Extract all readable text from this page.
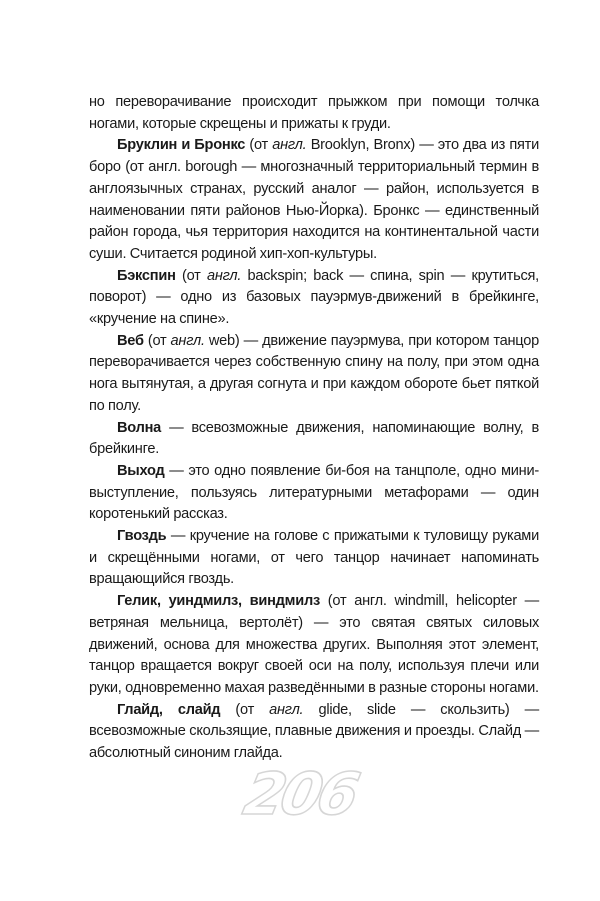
но переворачивание происходит прыжком при помощи толчка ногами, которые скрещены и прижаты к груди.

Бруклин и Бронкс (от англ. Brooklyn, Bronx) — это два из пяти боро (от англ. borough — многозначный территориальный термин в англоязычных странах, русский аналог — район, используется в наименовании пяти районов Нью-Йорка). Бронкс — единственный район города, чья территория находится на континентальной части суши. Считается родиной хип-хоп-культуры.

Бэкспин (от англ. backspin; back — спина, spin — крутиться, поворот) — одно из базовых пауэрмув-движений в брейкинге, «кручение на спине».

Веб (от англ. web) — движение пауэрмува, при котором танцор переворачивается через собственную спину на полу, при этом одна нога вытянутая, а другая согнута и при каждом обороте бьет пяткой по полу.

Волна — всевозможные движения, напоминающие волну, в брейкинге.

Выход — это одно появление би-боя на танцполе, одно мини-выступление, пользуясь литературными метафорами — один коротенький рассказ.

Гвоздь — кручение на голове с прижатыми к туловищу руками и скрещёнными ногами, от чего танцор начинает напоминать вращающийся гвоздь.

Гелик, уиндмилз, виндмилз (от англ. windmill, helicopter — ветряная мельница, вертолёт) — это святая святых силовых движений, основа для множества других. Выполняя этот элемент, танцор вращается вокруг своей оси на полу, используя плечи или руки, одновременно махая разведёнными в разные стороны ногами.

Глайд, слайд (от англ. glide, slide — скользить) — всевозможные скользящие, плавные движения и проезды. Слайд — абсолютный синоним глайда.

206
